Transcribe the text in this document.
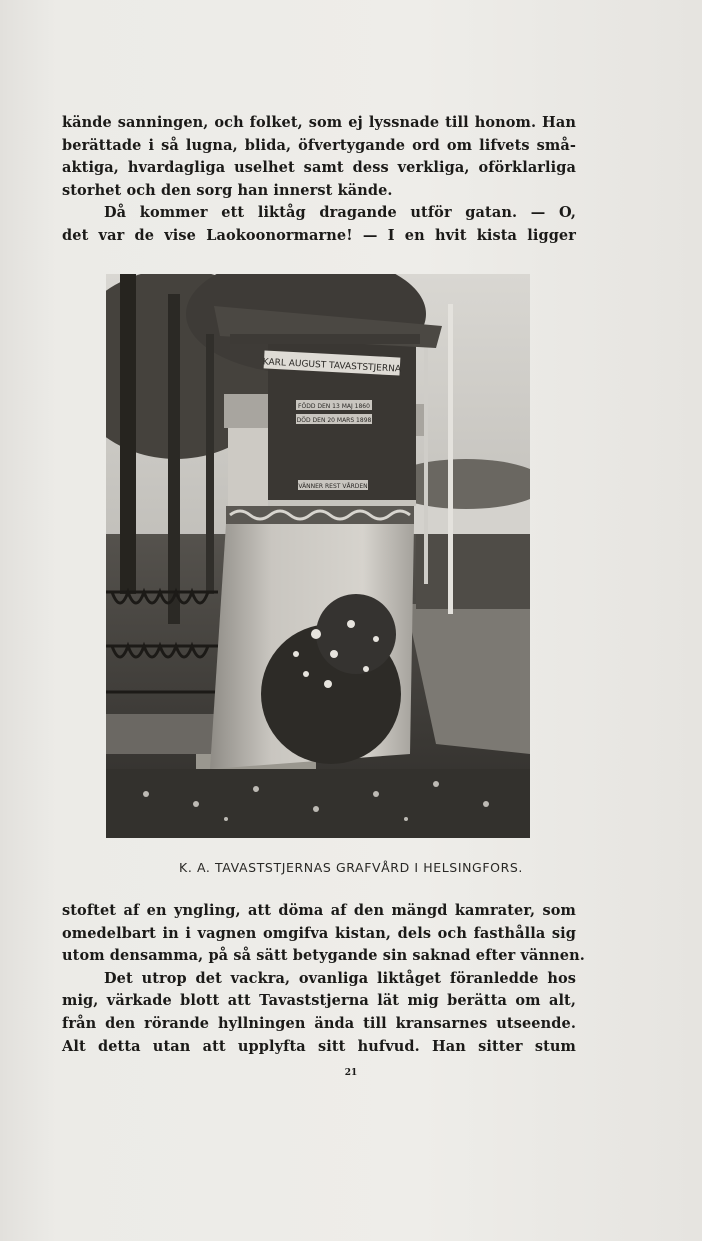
kände sanningen, och folket, som ej lyssnade till honom. Han
berättade i så lugna, blida, öfvertygande ord om lifvets små-
aktiga, hvardagliga uselhet samt dess verkliga, oförklarliga
storhet och den sorg han innerst kände.
Då kommer ett liktåg dragande utför gatan. — O,
det var de vise Laokoonormarne! — I en hvit kista ligger
KARL AUGUST TAVASTSTJERNA
FÖDD DEN 13 MAJ 1860
DÖD DEN 20 MARS 1898
VÄNNER REST VÅRDEN
K. A. TAVASTSTJERNAS GRAFVÅRD I HELSINGFORS.
stoftet af en yngling, att döma af den mängd kamrater, som
omedelbart in i vagnen omgifva kistan, dels och fasthålla sig
utom densamma, på så sätt betygande sin saknad efter vännen.
Det utrop det vackra, ovanliga liktåget föranledde hos
mig, värkade blott att Tavaststjerna lät mig berätta om alt,
från den rörande hyllningen ända till kransarnes utseende.
Alt detta utan att upplyfta sitt hufvud. Han sitter stum
21
